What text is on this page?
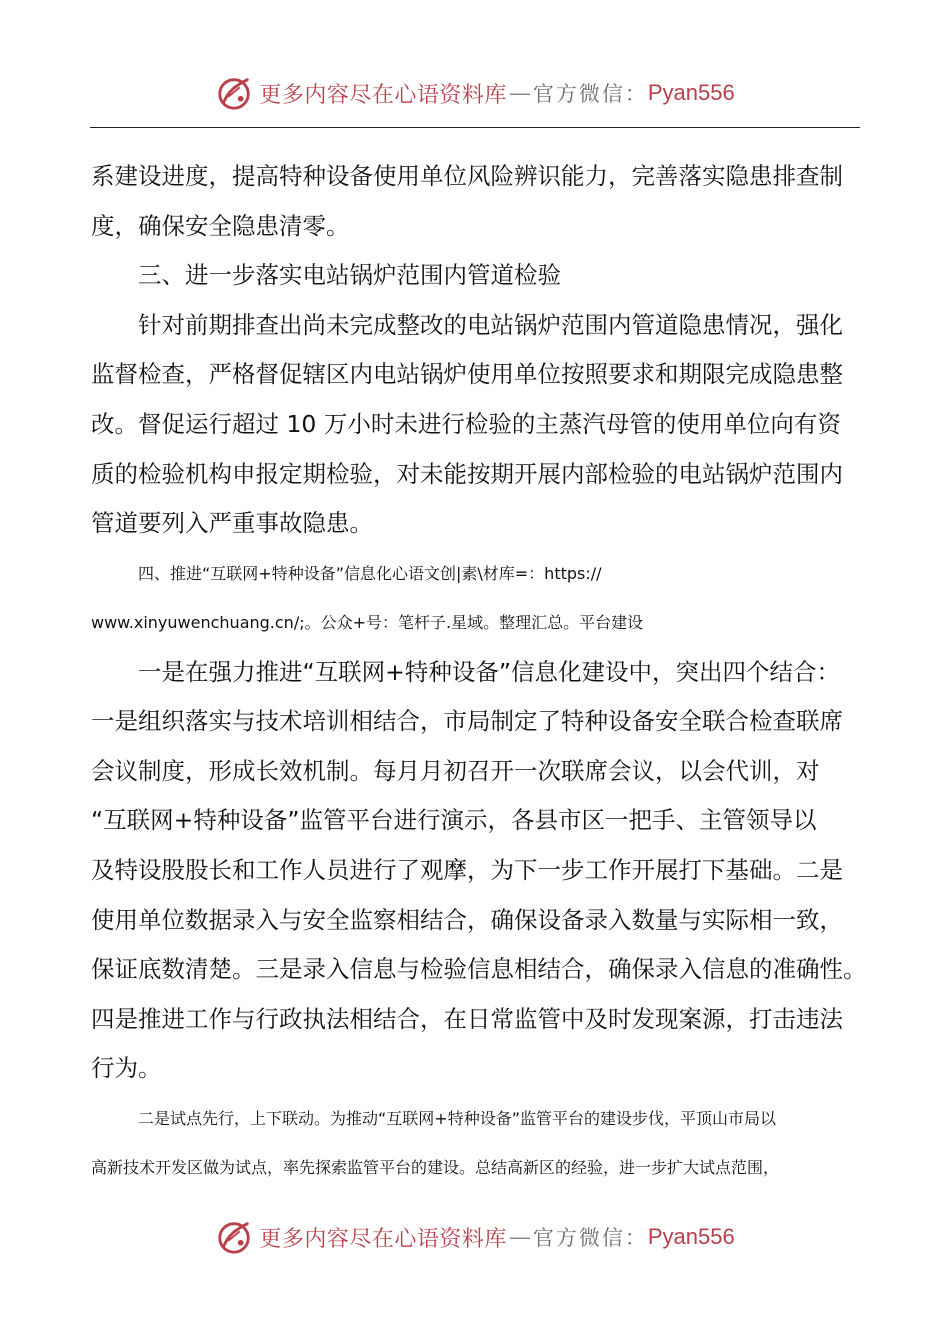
更多内容尽在心语资料库 — 官方微信： Pyan556

系建设进度，提高特种设备使用单位风险辨识能力，完善落实隐患排查制
度，确保安全隐患清零。

三、进一步落实电站锅炉范围内管道检验

针对前期排查出尚未完成整改的电站锅炉范围内管道隐患情况，强化
监督检查，严格督促辖区内电站锅炉使用单位按照要求和期限完成隐患整
改。督促运行超过 10 万小时未进行检验的主蒸汽母管的使用单位向有资
质的检验机构申报定期检验，对未能按期开展内部检验的电站锅炉范围内
管道要列入严重事故隐患。

四、推进“互联网+特种设备”信息化心语文创|素\材库=：https://
www.xinyuwenchuang.cn/;。公众+号：笔杆子.星域。整理汇总。平台建设

一是在强力推进“互联网+特种设备”信息化建设中，突出四个结合：
一是组织落实与技术培训相结合，市局制定了特种设备安全联合检查联席
会议制度，形成长效机制。每月月初召开一次联席会议，以会代训，对
“互联网+特种设备”监管平台进行演示，各县市区一把手、主管领导以
及特设股股长和工作人员进行了观摩，为下一步工作开展打下基础。二是
使用单位数据录入与安全监察相结合，确保设备录入数量与实际相一致，
保证底数清楚。三是录入信息与检验信息相结合，确保录入信息的准确性。
四是推进工作与行政执法相结合，在日常监管中及时发现案源，打击违法
行为。

二是试点先行，上下联动。为推动“互联网+特种设备”监管平台的建设步伐，平顶山市局以
高新技术开发区做为试点，率先探索监管平台的建设。总结高新区的经验，进一步扩大试点范围，

更多内容尽在心语资料库 — 官方微信： Pyan556
